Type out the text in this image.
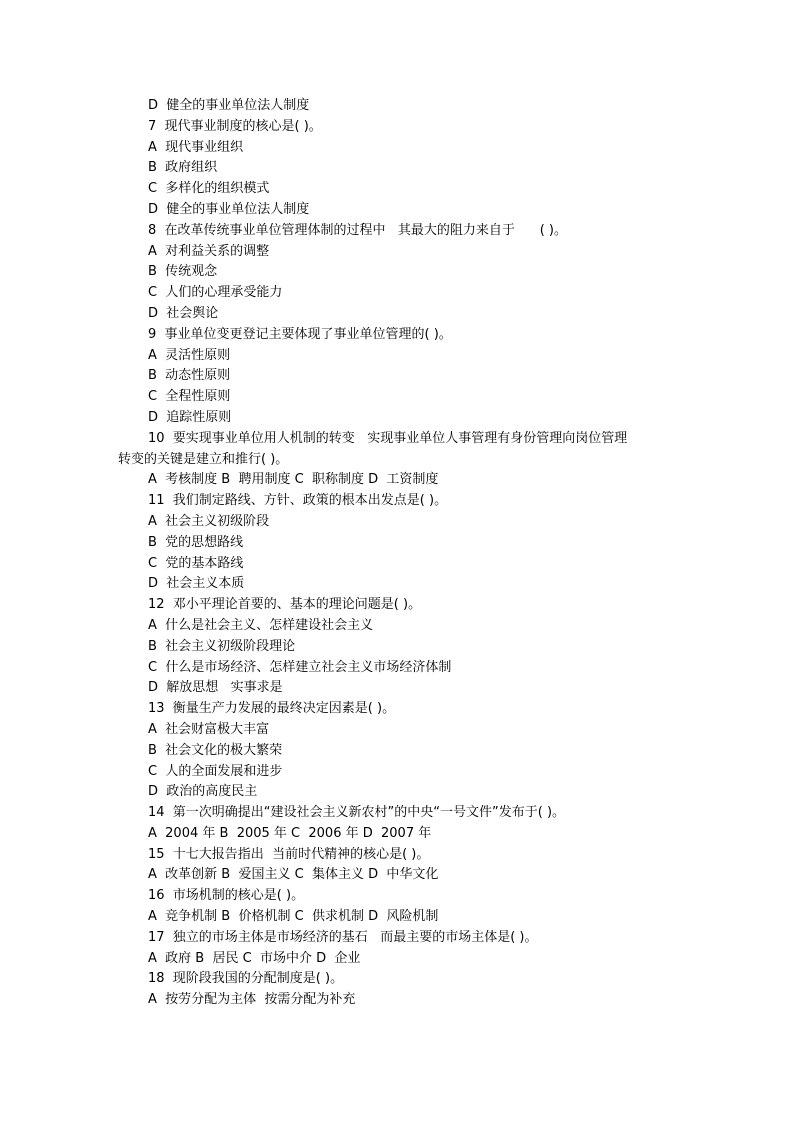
D  健全的事业单位法人制度
7  现代事业制度的核心是( )。
A  现代事业组织
B  政府组织
C  多样化的组织模式
D  健全的事业单位法人制度
8  在改革传统事业单位管理体制的过程中   其最大的阻力来自于      ( )。
A  对利益关系的调整
B  传统观念
C  人们的心理承受能力
D  社会舆论
9  事业单位变更登记主要体现了事业单位管理的( )。
A  灵活性原则
B  动态性原则
C  全程性原则
D  追踪性原则
10  要实现事业单位用人机制的转变   实现事业单位人事管理有身份管理向岗位管理
转变的关键是建立和推行( )。
A  考核制度 B  聘用制度 C  职称制度 D  工资制度
11  我们制定路线、方针、政策的根本出发点是( )。
A  社会主义初级阶段
B  党的思想路线
C  党的基本路线
D  社会主义本质
12  邓小平理论首要的、基本的理论问题是( )。
A  什么是社会主义、怎样建设社会主义
B  社会主义初级阶段理论
C  什么是市场经济、怎样建立社会主义市场经济体制
D  解放思想   实事求是
13  衡量生产力发展的最终决定因素是( )。
A  社会财富极大丰富
B  社会文化的极大繁荣
C  人的全面发展和进步
D  政治的高度民主
14  第一次明确提出“建设社会主义新农村”的中央“一号文件”发布于( )。
A  2004 年 B  2005 年 C  2006 年 D  2007 年
15  十七大报告指出  当前时代精神的核心是( )。
A  改革创新 B  爱国主义 C  集体主义 D  中华文化
16  市场机制的核心是( )。
A  竞争机制 B  价格机制 C  供求机制 D  风险机制
17  独立的市场主体是市场经济的基石   而最主要的市场主体是( )。
A  政府 B  居民 C  市场中介 D  企业
18  现阶段我国的分配制度是( )。
A  按劳分配为主体  按需分配为补充
